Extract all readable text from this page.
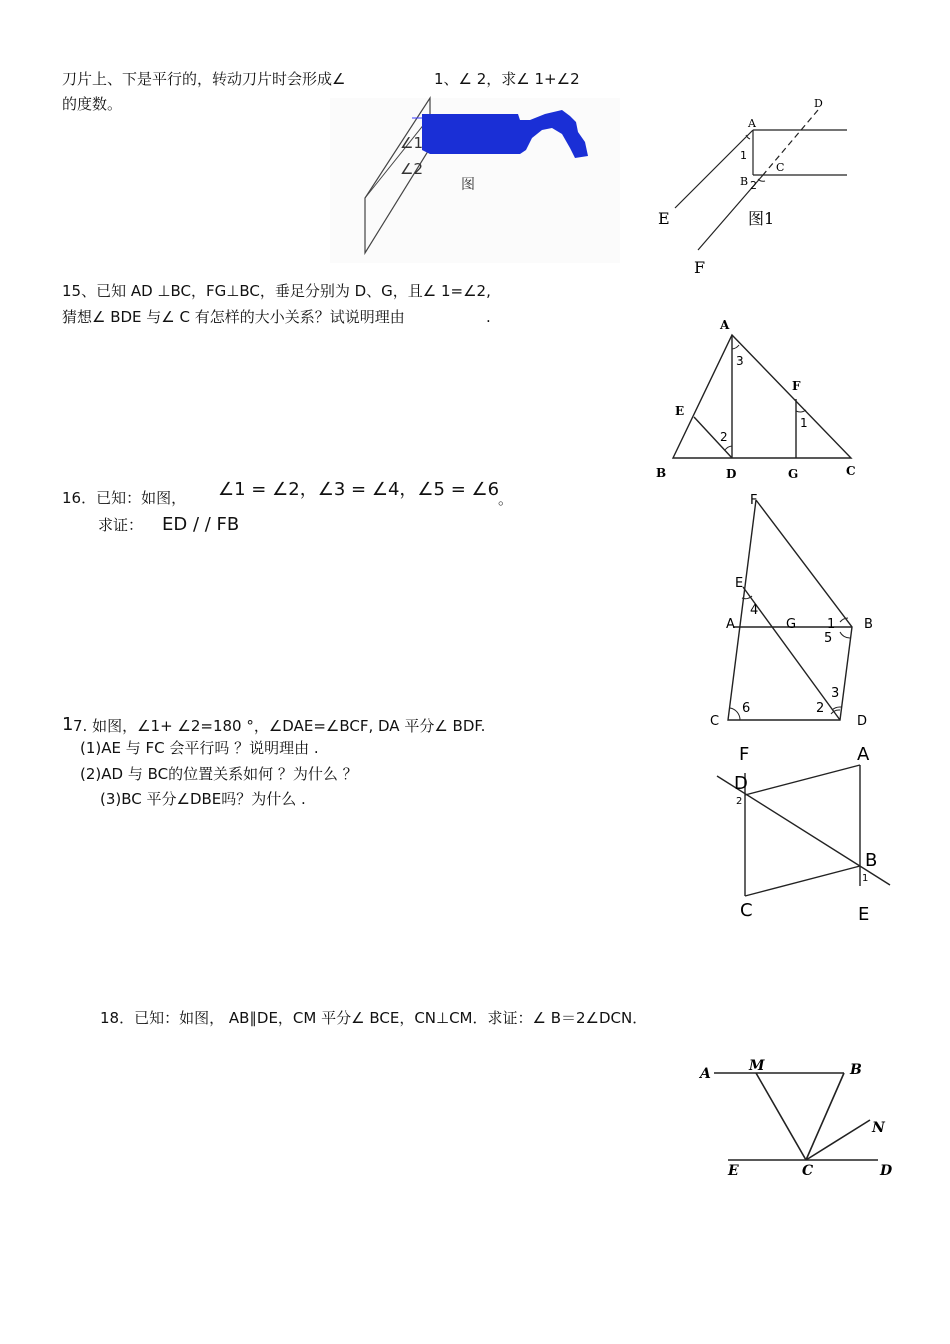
刀片上、下是平行的，转动刀片时会形成∠	1、∠ 2，求∠ 1+∠2
的度数。
∠1
∠2
图
A
B
C
D
E
F
1
2
图1
15、已知 AD ⊥BC，FG⊥BC，垂足分别为 D、G，且∠ 1=∠2,
猜想∠ BDE 与∠ C 有怎样的大小关系？试说明理由	.	A
B	C
D
E
F
G
1
2
3
16．已知：如图， ∠1 = ∠2，∠3 = ∠4，∠5 = ∠6
。
求证： ED / / FB
F
E
A	G	B
C	D
1
2
3
4
5
6
1 7. 如图，∠1+ ∠2=180 °，∠DAE=∠BCF, DA 平分∠ BDF.
(1)AE 与 FC 会平行吗 ？说明理由 .
(2)AD 与 BC的位置关系如何 ？为什么 ？
(3)BC 平分∠DBE吗？为什么 .
F
D
A
B
C	E
2
1
18．已知：如图， AB∥DE，CM 平分∠ BCE，CN⊥CM．求证：∠ B＝2∠DCN．
A	M	B
N
E	C	D
